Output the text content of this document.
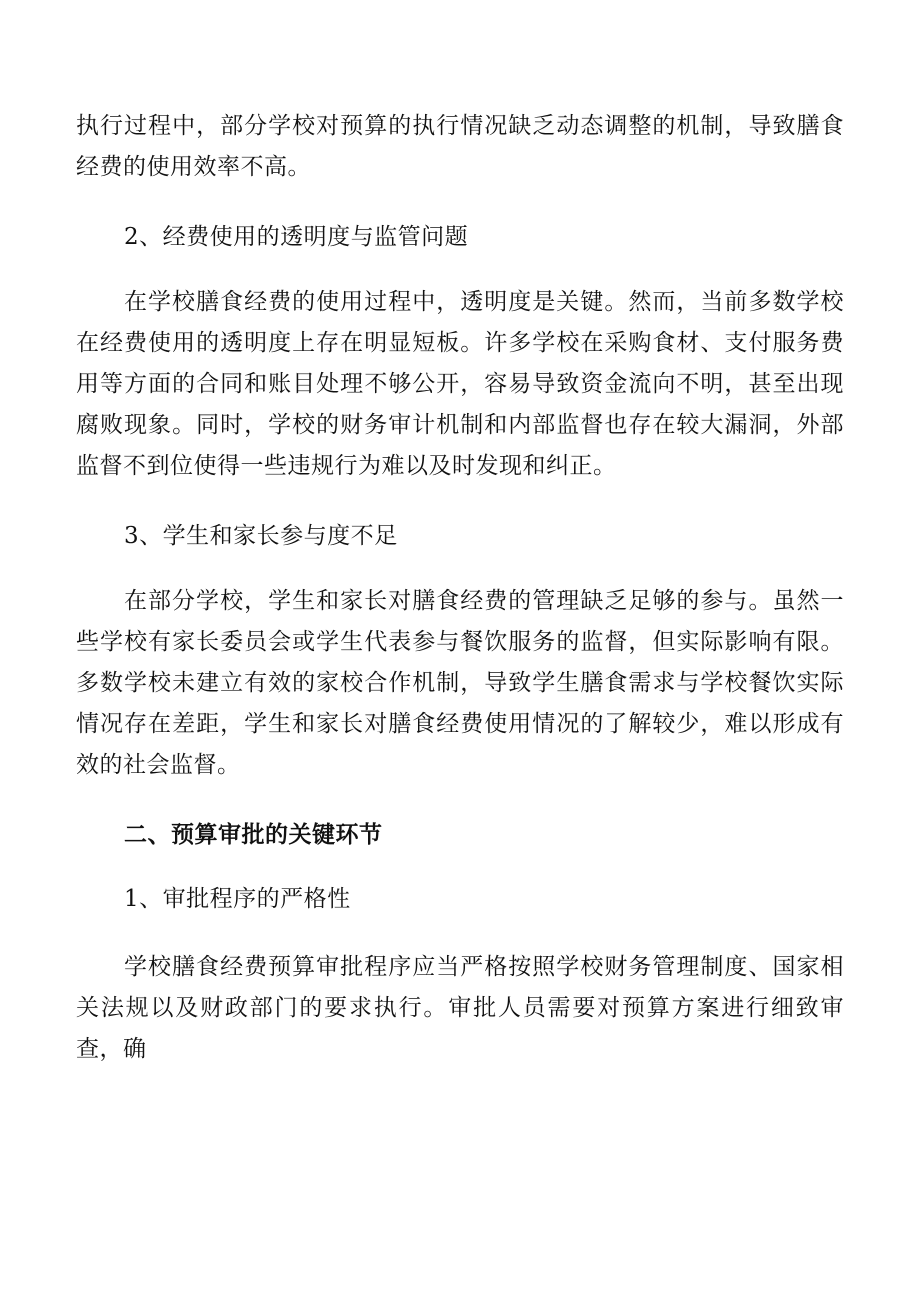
执行过程中，部分学校对预算的执行情况缺乏动态调整的机制，导致膳食经费的使用效率不高。

2、经费使用的透明度与监管问题

在学校膳食经费的使用过程中，透明度是关键。然而，当前多数学校在经费使用的透明度上存在明显短板。许多学校在采购食材、支付服务费用等方面的合同和账目处理不够公开，容易导致资金流向不明，甚至出现腐败现象。同时，学校的财务审计机制和内部监督也存在较大漏洞，外部监督不到位使得一些违规行为难以及时发现和纠正。

3、学生和家长参与度不足

在部分学校，学生和家长对膳食经费的管理缺乏足够的参与。虽然一些学校有家长委员会或学生代表参与餐饮服务的监督，但实际影响有限。多数学校未建立有效的家校合作机制，导致学生膳食需求与学校餐饮实际情况存在差距，学生和家长对膳食经费使用情况的了解较少，难以形成有效的社会监督。

二、预算审批的关键环节

1、审批程序的严格性

学校膳食经费预算审批程序应当严格按照学校财务管理制度、国家相关法规以及财政部门的要求执行。审批人员需要对预算方案进行细致审查，确
